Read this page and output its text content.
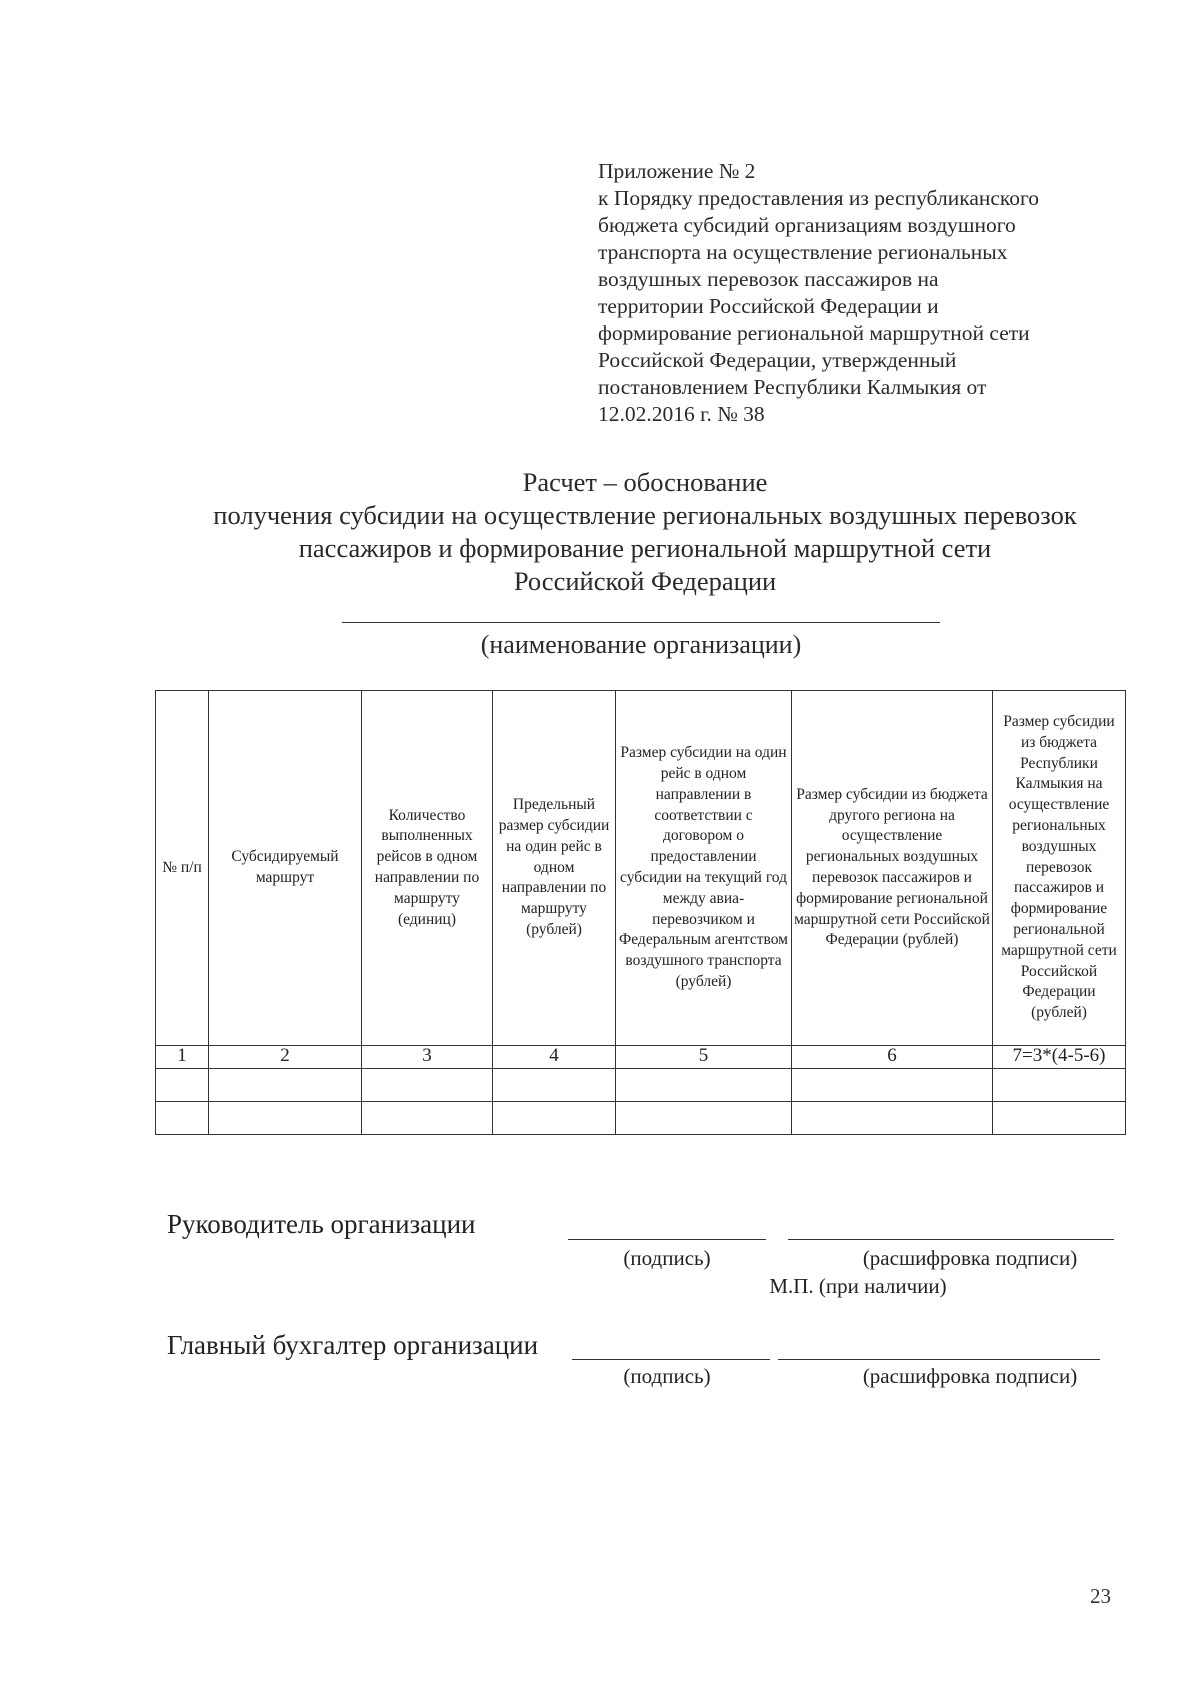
Приложение № 2
к Порядку предоставления из республиканского
бюджета субсидий организациям воздушного
транспорта на осуществление региональных
воздушных перевозок пассажиров на
территории Российской Федерации и
формирование региональной маршрутной сети
Российской Федерации, утвержденный
постановлением Республики Калмыкия от
12.02.2016 г. № 38
Расчет – обоснование
получения субсидии на осуществление региональных воздушных перевозок
пассажиров и формирование региональной маршрутной сети
Российской Федерации
(наименование организации)
№ п/п	Субсидируемый маршрут	Количество выполненных рейсов в одном направлении по маршруту (единиц)	Предельный размер субсидии на один рейс в одном направлении по маршруту (рублей)	Размер субсидии на один рейс в одном направлении в соответствии с договором о предоставлении субсидии на текущий год между авиа-перевозчиком и Федеральным агентством воздушного транспорта (рублей)	Размер субсидии из бюджета другого региона на осуществление региональных воздушных перевозок пассажиров и формирование региональной маршрутной сети Российской Федерации (рублей)	Размер субсидии из бюджета Республики Калмыкия на осуществление региональных воздушных перевозок пассажиров и формирование региональной маршрутной сети Российской Федерации (рублей)
1	2	3	4	5	6	7=3*(4-5-6)

Руководитель организации
(подпись)	(расшифровка подписи)
М.П. (при наличии)
Главный бухгалтер организации
(подпись)	(расшифровка подписи)
23
